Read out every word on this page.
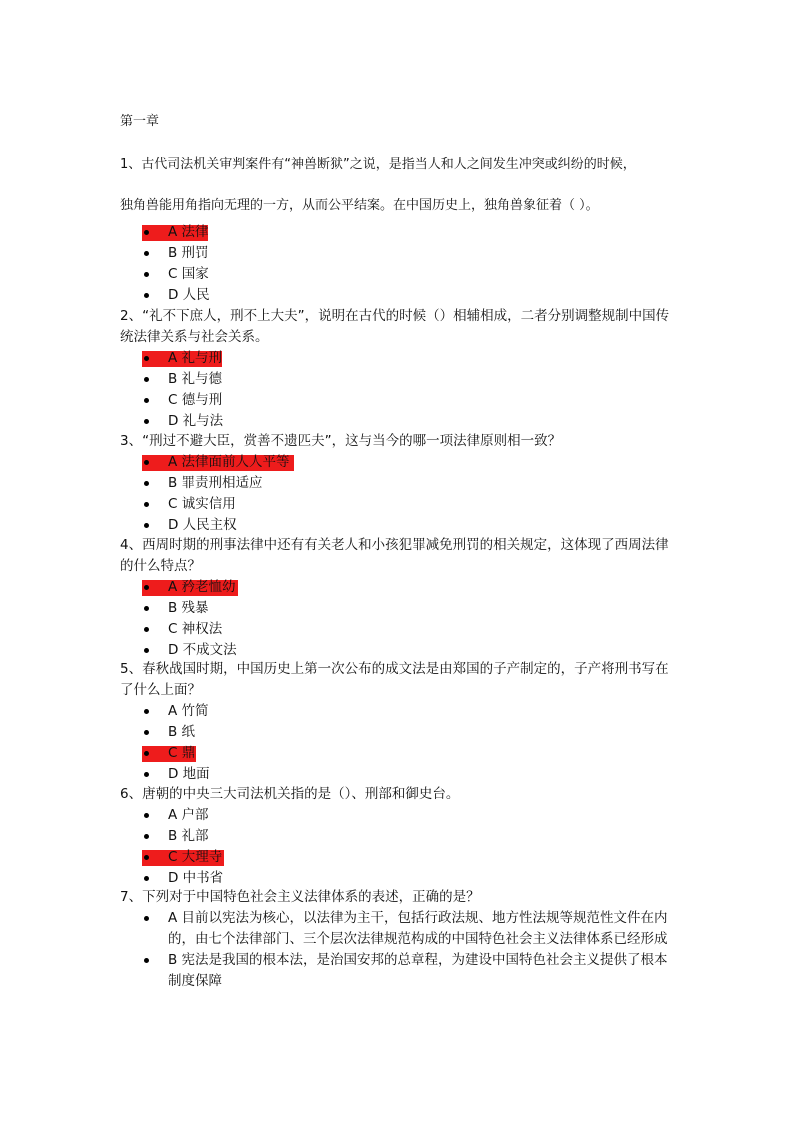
第一章
1、古代司法机关审判案件有“神兽断狱”之说，是指当人和人之间发生冲突或纠纷的时候，
独角兽能用角指向无理的一方，从而公平结案。在中国历史上，独角兽象征着（ ）。
A 法律
B 刑罚
C 国家
D 人民

2、“礼不下庶人，刑不上大夫”，说明在古代的时候（）相辅相成，二者分别调整规制中国传统法律关系与社会关系。

A 礼与刑
B 礼与德
C 德与刑
D 礼与法

3、“刑过不避大臣，赏善不遗匹夫”，这与当今的哪一项法律原则相一致？

A 法律面前人人平等
B 罪责刑相适应
C 诚实信用
D 人民主权

4、西周时期的刑事法律中还有有关老人和小孩犯罪减免刑罚的相关规定，这体现了西周法律的什么特点？

A 矜老恤幼
B 残暴
C 神权法
D 不成文法

5、春秋战国时期，中国历史上第一次公布的成文法是由郑国的子产制定的，子产将刑书写在了什么上面？

A 竹简
B 纸
C 鼎
D 地面

6、唐朝的中央三大司法机关指的是（）、刑部和御史台。

A 户部
B 礼部
C 大理寺
D 中书省

7、下列对于中国特色社会主义法律体系的表述，正确的是？

A 目前以宪法为核心，以法律为主干，包括行政法规、地方性法规等规范性文件在内的，由七个法律部门、三个层次法律规范构成的中国特色社会主义法律体系已经形成
B 宪法是我国的根本法，是治国安邦的总章程，为建设中国特色社会主义提供了根本制度保障
